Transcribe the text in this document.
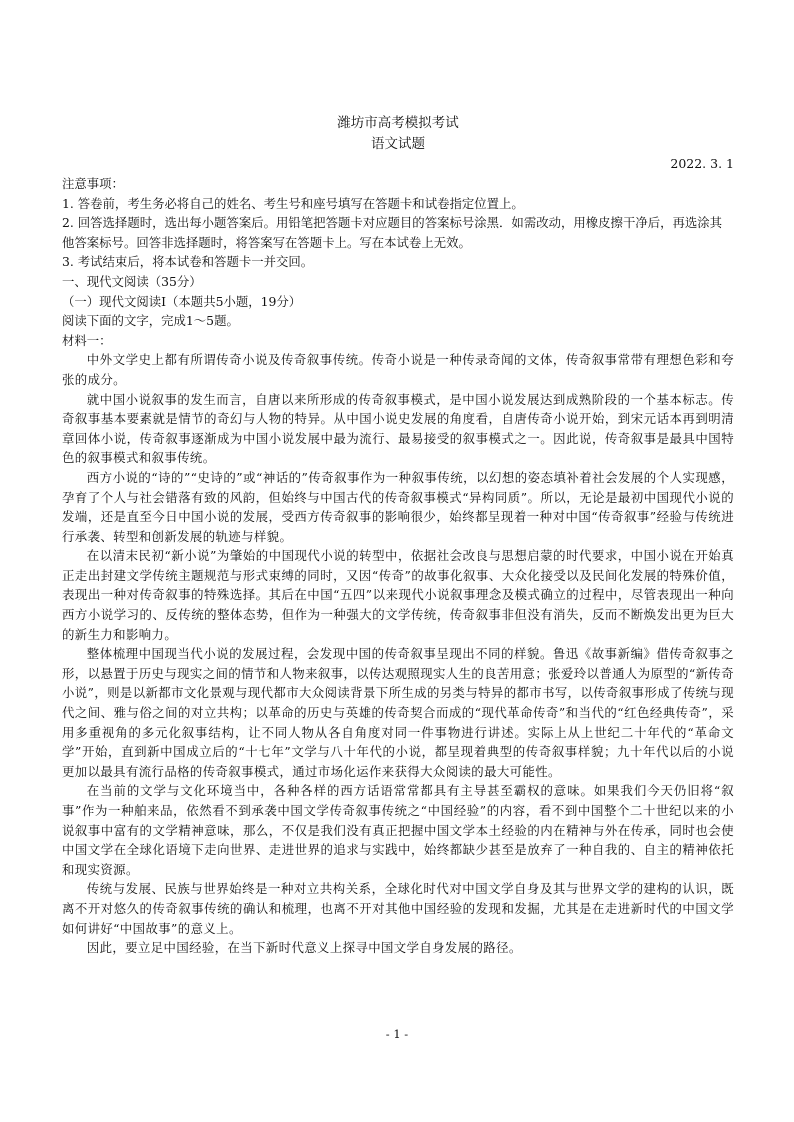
潍坊市高考模拟考试

语文试题

2022. 3. 1

注意事项：

1. 答卷前，考生务必将自己的姓名、考生号和座号填写在答题卡和试卷指定位置上。

2. 回答选择题时，选出每小题答案后。用铅笔把答题卡对应题目的答案标号涂黑．如需改动，用橡皮擦干净后，再选涂其他答案标号。回答非选择题时，将答案写在答题卡上。写在本试卷上无效。

3. 考试结束后，将本试卷和答题卡一并交回。

一、现代文阅读（35分）

（一）现代文阅读Ⅰ（本题共5小题，19分）

阅读下面的文字，完成1～5题。

材料一：

中外文学史上都有所谓传奇小说及传奇叙事传统。传奇小说是一种传录奇闻的文体，传奇叙事常带有理想色彩和夸张的成分。

就中国小说叙事的发生而言，自唐以来所形成的传奇叙事模式，是中国小说发展达到成熟阶段的一个基本标志。传奇叙事基本要素就是情节的奇幻与人物的特异。从中国小说史发展的角度看，自唐传奇小说开始，到宋元话本再到明清章回体小说，传奇叙事逐渐成为中国小说发展中最为流行、最易接受的叙事模式之一。因此说，传奇叙事是最具中国特色的叙事模式和叙事传统。

西方小说的“诗的”“史诗的”或“神话的”传奇叙事作为一种叙事传统，以幻想的姿态填补着社会发展的个人实现感，孕育了个人与社会错落有致的风韵，但始终与中国古代的传奇叙事模式“异构同质”。所以，无论是最初中国现代小说的发端，还是直至今日中国小说的发展，受西方传奇叙事的影响很少，始终都呈现着一种对中国“传奇叙事”经验与传统进行承袭、转型和创新发展的轨迹与样貌。

在以清末民初“新小说”为肇始的中国现代小说的转型中，依据社会改良与思想启蒙的时代要求，中国小说在开始真正走出封建文学传统主题规范与形式束缚的同时，又因“传奇”的故事化叙事、大众化接受以及民间化发展的特殊价值，表现出一种对传奇叙事的特殊选择。其后在中国“五四”以来现代小说叙事理念及模式确立的过程中，尽管表现出一种向西方小说学习的、反传统的整体态势，但作为一种强大的文学传统，传奇叙事非但没有消失，反而不断焕发出更为巨大的新生力和影响力。

整体梳理中国现当代小说的发展过程，会发现中国的传奇叙事呈现出不同的样貌。鲁迅《故事新编》借传奇叙事之形，以悬置于历史与现实之间的情节和人物来叙事，以传达观照现实人生的良苦用意；张爱玲以普通人为原型的“新传奇小说”，则是以新都市文化景观与现代都市大众阅读背景下所生成的另类与特异的都市书写，以传奇叙事形成了传统与现代之间、雅与俗之间的对立共构；以革命的历史与英雄的传奇契合而成的“现代革命传奇”和当代的“红色经典传奇”，采用多重视角的多元化叙事结构，让不同人物从各自角度对同一件事物进行讲述。实际上从上世纪二十年代的“革命文学”开始，直到新中国成立后的“十七年”文学与八十年代的小说，都呈现着典型的传奇叙事样貌；九十年代以后的小说更加以最具有流行品格的传奇叙事模式，通过市场化运作来获得大众阅读的最大可能性。

在当前的文学与文化环境当中，各种各样的西方话语常常都具有主导甚至霸权的意味。如果我们今天仍旧将“叙事”作为一种舶来品，依然看不到承袭中国文学传奇叙事传统之“中国经验”的内容，看不到中国整个二十世纪以来的小说叙事中富有的文学精神意味，那么，不仅是我们没有真正把握中国文学本土经验的内在精神与外在传承，同时也会使中国文学在全球化语境下走向世界、走进世界的追求与实践中，始终都缺少甚至是放弃了一种自我的、自主的精神依托和现实资源。

传统与发展、民族与世界始终是一种对立共构关系，全球化时代对中国文学自身及其与世界文学的建构的认识，既离不开对悠久的传奇叙事传统的确认和梳理，也离不开对其他中国经验的发现和发掘，尤其是在走进新时代的中国文学如何讲好“中国故事”的意义上。

因此，要立足中国经验，在当下新时代意义上探寻中国文学自身发展的路径。

- 1 -
